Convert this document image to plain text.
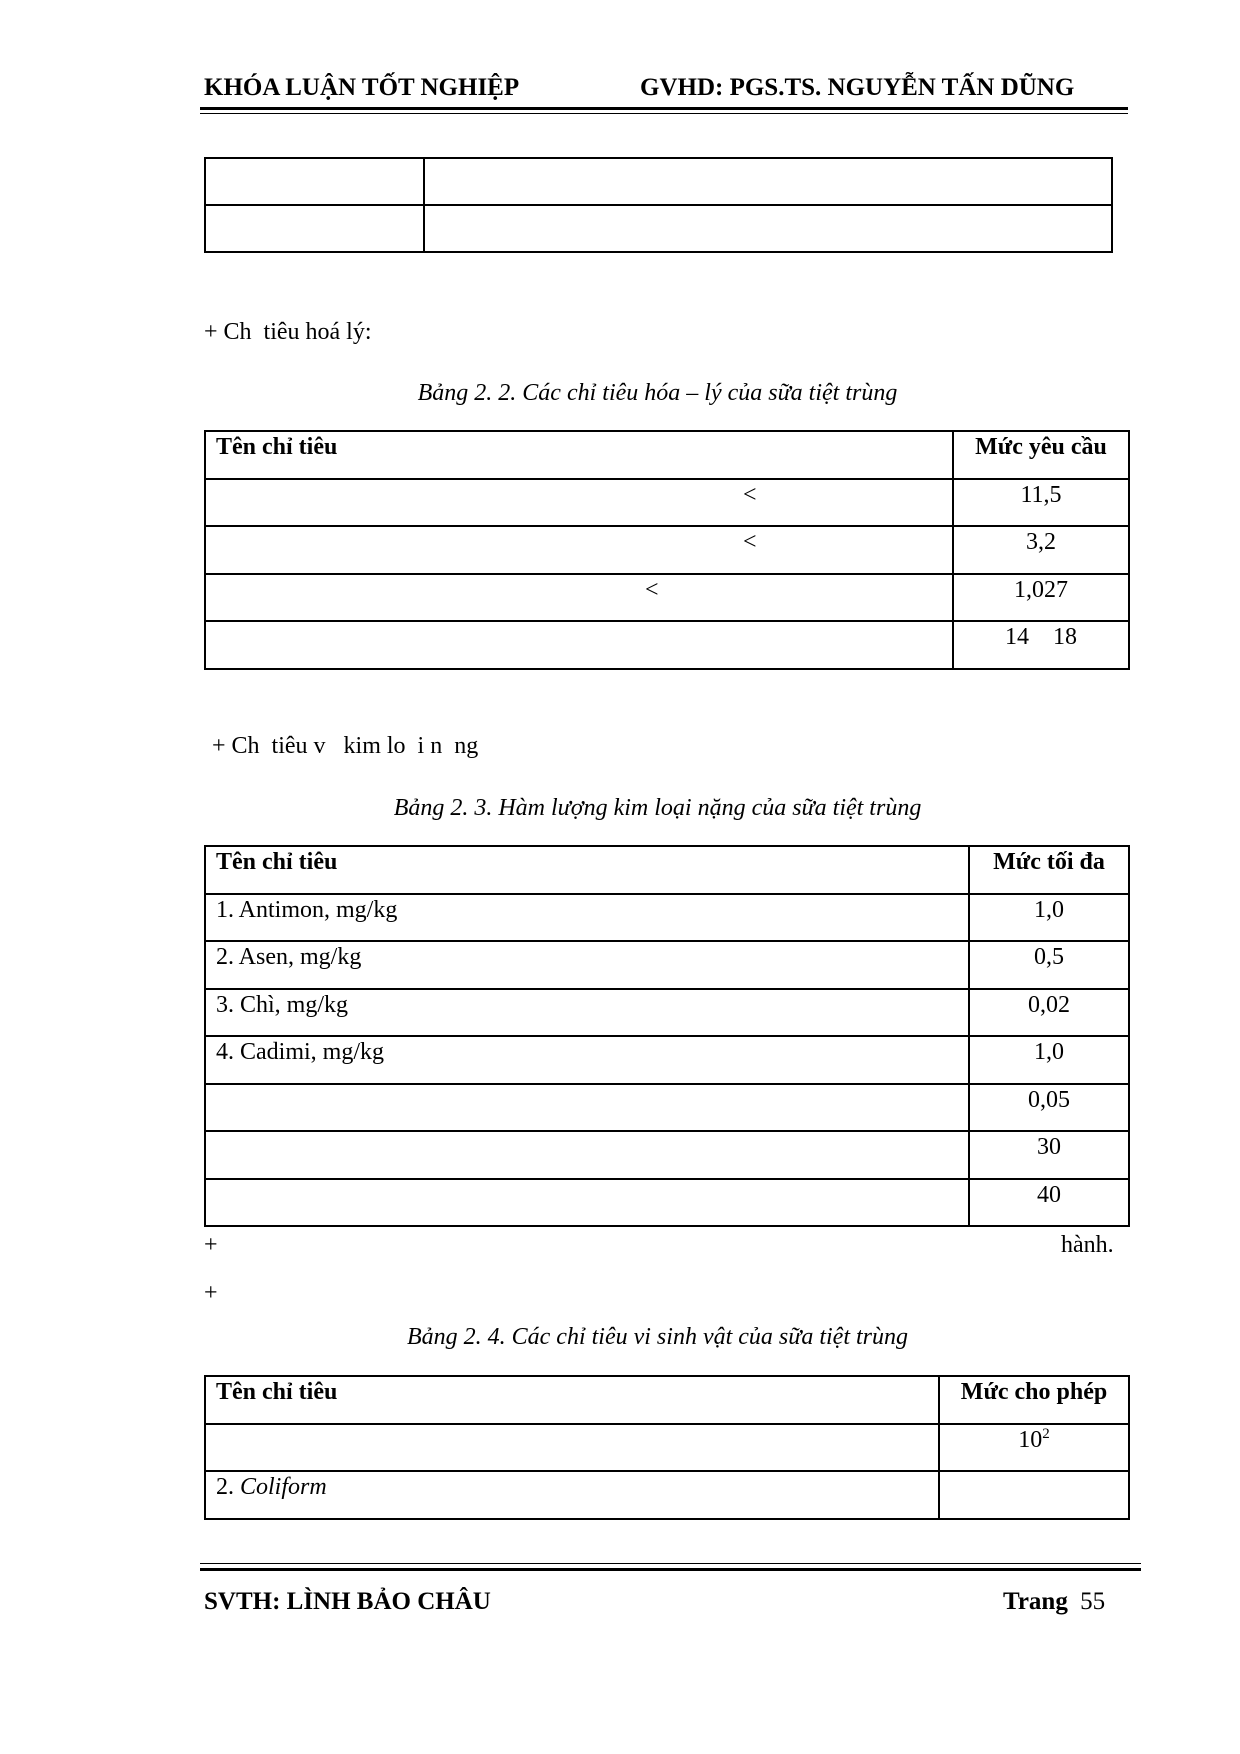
KHÓA LUẬN TỐT NGHIỆP	GVHD: PGS.TS. NGUYỄN TẤN DŨNG

+ Ch  tiêu hoá lý:
Bảng 2. 2. Các chỉ tiêu hóa – lý của sữa tiệt trùng
Tên chỉ tiêu	Mức yêu cầu
<	11,5
<	3,2
<	1,027
	14    18
+ Ch  tiêu v   kim lo  i n  ng
Bảng 2. 3. Hàm lượng kim loại nặng của sữa tiệt trùng
Tên chỉ tiêu	Mức tối đa
1. Antimon, mg/kg	1,0
2. Asen, mg/kg	0,5
3. Chì, mg/kg	0,02
4. Cadimi, mg/kg	1,0
	0,05
	30
	40
+	hành.
+
Bảng 2. 4. Các chỉ tiêu vi sinh vật của sữa tiệt trùng
Tên chỉ tiêu	Mức cho phép
	$10^2$
2. Coliform	
SVTH: LÌNH BẢO CHÂU	Trang 55
